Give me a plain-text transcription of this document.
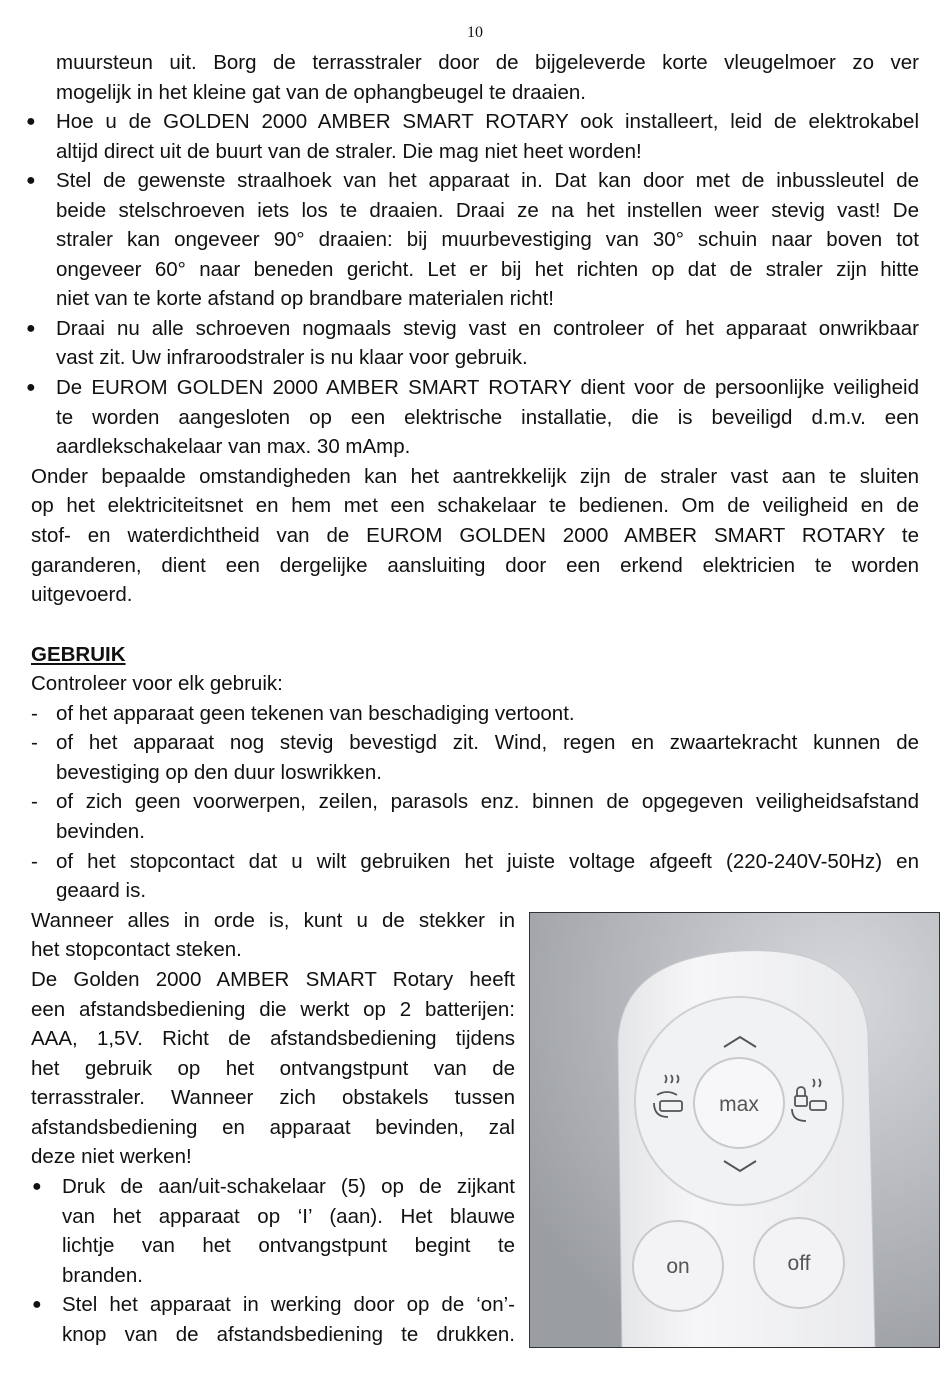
10
muursteun uit. Borg de terrasstraler door de bijgeleverde korte vleugelmoer zo ver
mogelijk in het kleine gat van de ophangbeugel te draaien.
● Hoe u de GOLDEN 2000 AMBER SMART ROTARY ook installeert, leid de elektrokabel
altijd direct uit de buurt van de straler. Die mag niet heet worden!
● Stel de gewenste straalhoek van het apparaat in. Dat kan door met de inbussleutel de
beide stelschroeven iets los te draaien. Draai ze na het instellen weer stevig vast! De
straler kan ongeveer 90° draaien: bij muurbevestiging van 30° schuin naar boven tot
ongeveer 60° naar beneden gericht. Let er bij het richten op dat de straler zijn hitte
niet van te korte afstand op brandbare materialen richt!
● Draai nu alle schroeven nogmaals stevig vast en controleer of het apparaat onwrikbaar
vast zit. Uw infraroodstraler is nu klaar voor gebruik.
● De EUROM GOLDEN 2000 AMBER SMART ROTARY dient voor de persoonlijke veiligheid
te worden aangesloten op een elektrische installatie, die is beveiligd d.m.v. een
aardlekschakelaar van max. 30 mAmp.
Onder bepaalde omstandigheden kan het aantrekkelijk zijn de straler vast aan te sluiten
op het elektriciteitsnet en hem met een schakelaar te bedienen. Om de veiligheid en de
stof- en waterdichtheid van de EUROM GOLDEN 2000 AMBER SMART ROTARY te
garanderen, dient een dergelijke aansluiting door een erkend elektricien te worden
uitgevoerd.
GEBRUIK
Controleer voor elk gebruik:
- of het apparaat geen tekenen van beschadiging vertoont.
- of het apparaat nog stevig bevestigd zit. Wind, regen en zwaartekracht kunnen de
bevestiging op den duur loswrikken.
- of zich geen voorwerpen, zeilen, parasols enz. binnen de opgegeven veiligheidsafstand
bevinden.
- of het stopcontact dat u wilt gebruiken het juiste voltage afgeeft (220-240V-50Hz) en
geaard is.
Wanneer alles in orde is, kunt u de stekker in
het stopcontact steken.
De Golden 2000 AMBER SMART Rotary heeft
een afstandsbediening die werkt op 2 batterijen:
AAA, 1,5V. Richt de afstandsbediening tijdens
het gebruik op het ontvangstpunt van de
terrasstraler. Wanneer zich obstakels tussen
afstandsbediening en apparaat bevinden, zal
deze niet werken!
● Druk de aan/uit-schakelaar (5) op de zijkant
van het apparaat op ‘I’ (aan). Het blauwe
lichtje van het ontvangstpunt begint te
branden.
● Stel het apparaat in werking door op de ‘on’-
knop van de afstandsbediening te drukken.
max
on	off
